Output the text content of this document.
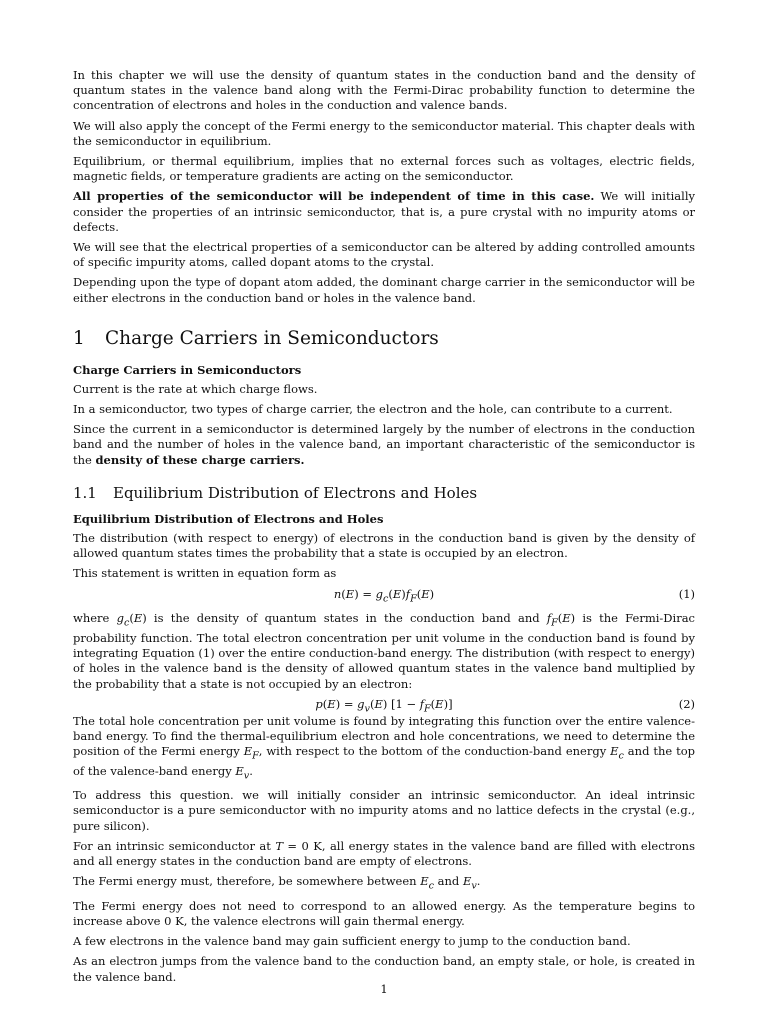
In this chapter we will use the density of quantum states in the conduction band and the density of quantum states in the valence band along with the Fermi-Dirac probability function to determine the concentration of electrons and holes in the conduction and valence bands.

We will also apply the concept of the Fermi energy to the semiconductor material. This chapter deals with the semiconductor in equilibrium.

Equilibrium, or thermal equilibrium, implies that no external forces such as voltages, electric fields, magnetic fields, or temperature gradients are acting on the semiconductor.

All properties of the semiconductor will be independent of time in this case. We will initially consider the properties of an intrinsic semiconductor, that is, a pure crystal with no impurity atoms or defects.

We will see that the electrical properties of a semiconductor can be altered by adding controlled amounts of specific impurity atoms, called dopant atoms to the crystal.

Depending upon the type of dopant atom added, the dominant charge carrier in the semiconductor will be either electrons in the conduction band or holes in the valence band.

1 Charge Carriers in Semiconductors
Charge Carriers in Semiconductors

Current is the rate at which charge flows.

In a semiconductor, two types of charge carrier, the electron and the hole, can contribute to a current.

Since the current in a semiconductor is determined largely by the number of electrons in the conduction band and the number of holes in the valence band, an important characteristic of the semiconductor is the density of these charge carriers.

1.1 Equilibrium Distribution of Electrons and Holes
Equilibrium Distribution of Electrons and Holes

The distribution (with respect to energy) of electrons in the conduction band is given by the density of allowed quantum states times the probability that a state is occupied by an electron.

This statement is written in equation form as

$n(E) = g_c(E)f_F(E)$	(1)

where $g_c(E)$ is the density of quantum states in the conduction band and $f_F(E)$ is the Fermi-Dirac probability function. The total electron concentration per unit volume in the conduction band is found by integrating Equation (1) over the entire conduction-band energy. The distribution (with respect to energy) of holes in the valence band is the density of allowed quantum states in the valence band multiplied by the probability that a state is not occupied by an electron:

$p(E) = g_v(E) [1 - f_F(E)]$	(2)

The total hole concentration per unit volume is found by integrating this function over the entire valence-band energy. To find the thermal-equilibrium electron and hole concentrations, we need to determine the position of the Fermi energy $E_F$, with respect to the bottom of the conduction-band energy $E_c$ and the top of the valence-band energy $E_v$.

To address this question. we will initially consider an intrinsic semiconductor. An ideal intrinsic semiconductor is a pure semiconductor with no impurity atoms and no lattice defects in the crystal (e.g., pure silicon).

For an intrinsic semiconductor at T = 0 K, all energy states in the valence band are filled with electrons and all energy states in the conduction band are empty of electrons.

The Fermi energy must, therefore, be somewhere between $E_c$ and $E_v$.

The Fermi energy does not need to correspond to an allowed energy. As the temperature begins to increase above 0 K, the valence electrons will gain thermal energy.

A few electrons in the valence band may gain sufficient energy to jump to the conduction band.

As an electron jumps from the valence band to the conduction band, an empty stale, or hole, is created in the valence band.

1
